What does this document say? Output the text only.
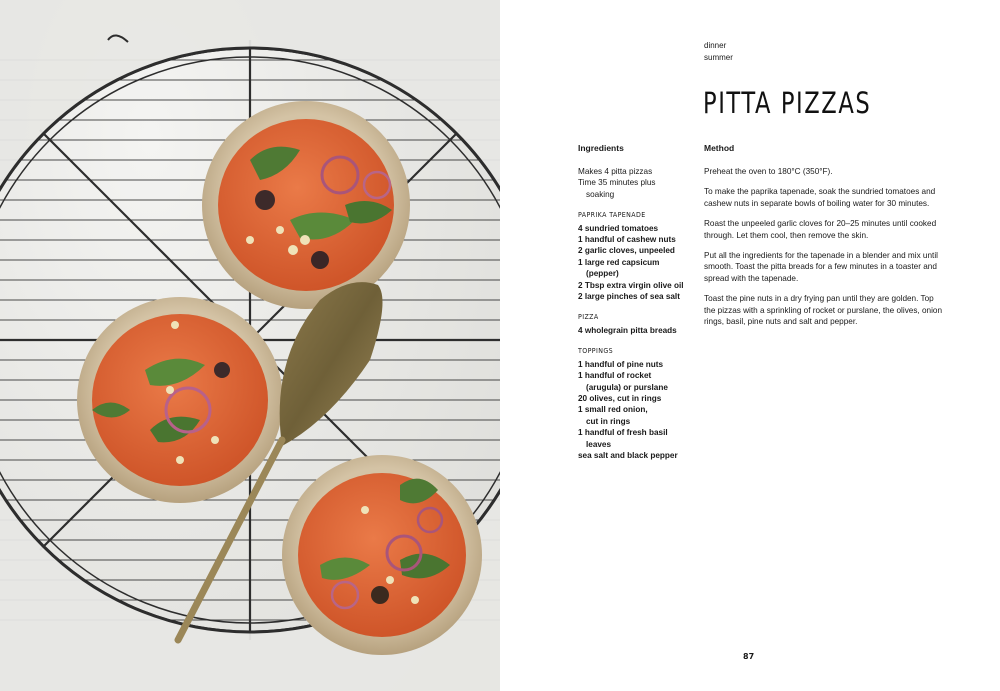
dinner
summer
PITTA PIZZAS
Ingredients	Method
Makes 4 pitta pizzas
Time 35 minutes plus
soaking
PAPRIKA TAPENADE
4 sundried tomatoes
1 handful of cashew nuts
2 garlic cloves, unpeeled
1 large red capsicum
(pepper)
2 Tbsp extra virgin olive oil
2 large pinches of sea salt
PIZZA
4 wholegrain pitta breads
TOPPINGS
1 handful of pine nuts
1 handful of rocket
(arugula) or purslane
20 olives, cut in rings
1 small red onion,
cut in rings
1 handful of fresh basil
leaves
sea salt and black pepper

Preheat the oven to 180°C (350°F).

To make the paprika tapenade, soak the sundried tomatoes and cashew nuts in separate bowls of boiling water for 30 minutes.

Roast the unpeeled garlic cloves for 20–25 minutes until cooked through. Let them cool, then remove the skin.

Put all the ingredients for the tapenade in a blender and mix until smooth. Toast the pitta breads for a few minutes in a toaster and spread with the tapenade.

Toast the pine nuts in a dry frying pan until they are golden. Top the pizzas with a sprinkling of rocket or purslane, the olives, onion rings, basil, pine nuts and salt and pepper.

87
